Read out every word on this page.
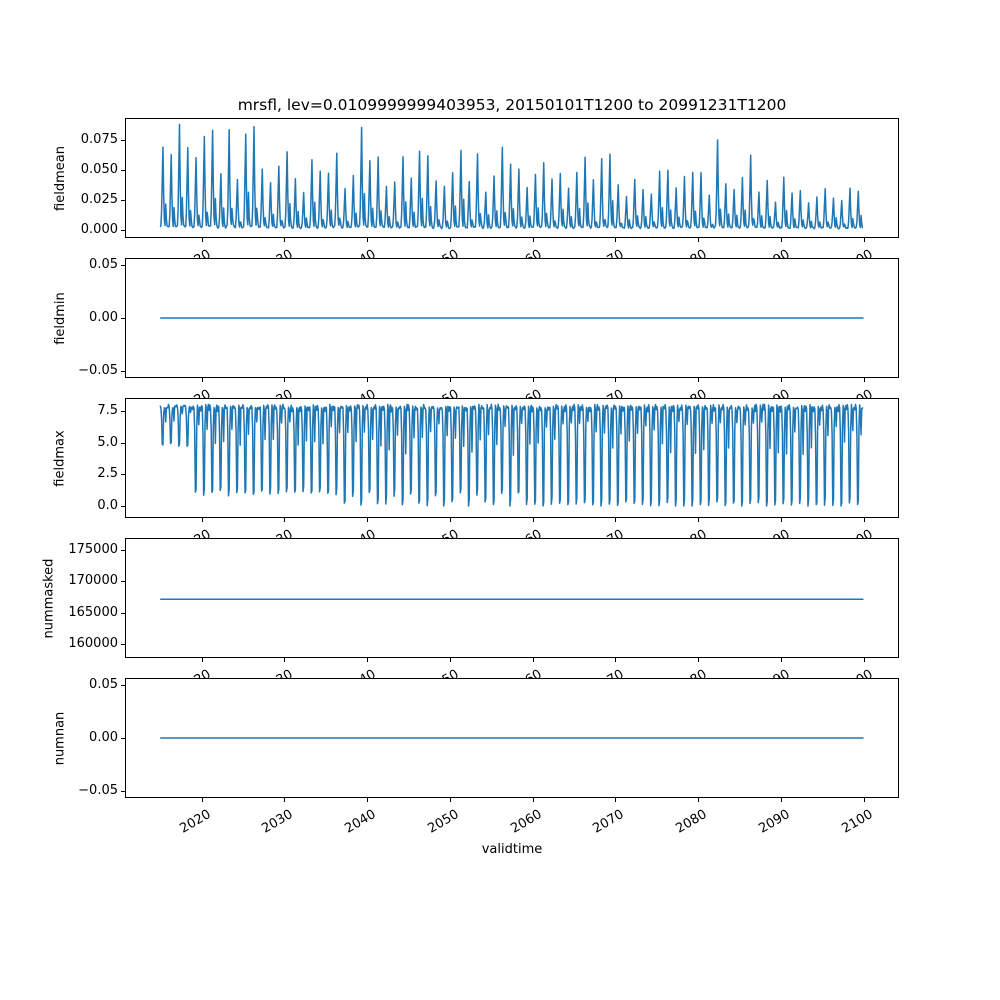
mrsfl, lev=0.0109999999403953, 20150101T1200 to 20991231T1200
fieldmean
0.000
0.025
0.050
0.075
fieldmin
0.05
0.00
−0.05
fieldmax
0.0
2.5
5.0
7.5
nummasked
160000
165000
170000
175000
numnan
0.05
0.00
−0.05
2020	2030	2040	2050	2060	2070	2080	2090	2100
validtime
